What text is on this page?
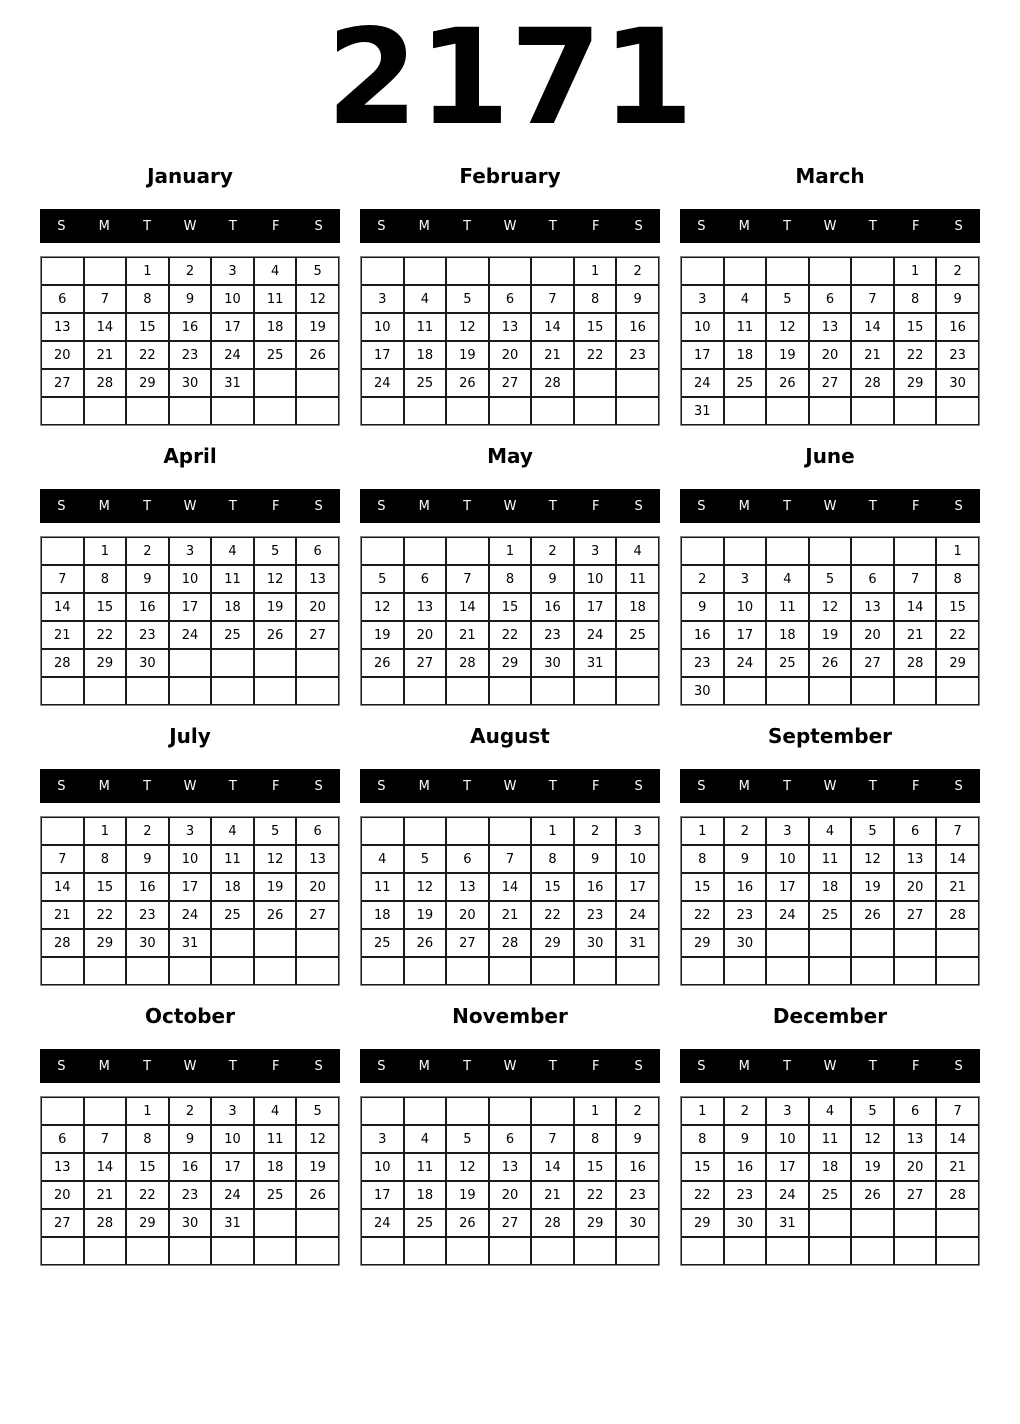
2171
January
S	M	T	W	T	F	S
		1	2	3	4	5
6	7	8	9	10	11	12
13	14	15	16	17	18	19
20	21	22	23	24	25	26
27	28	29	30	31		

February
S	M	T	W	T	F	S
					1	2
3	4	5	6	7	8	9
10	11	12	13	14	15	16
17	18	19	20	21	22	23
24	25	26	27	28		

March
S	M	T	W	T	F	S
					1	2
3	4	5	6	7	8	9
10	11	12	13	14	15	16
17	18	19	20	21	22	23
24	25	26	27	28	29	30
31						
April
S	M	T	W	T	F	S
	1	2	3	4	5	6
7	8	9	10	11	12	13
14	15	16	17	18	19	20
21	22	23	24	25	26	27
28	29	30				

May
S	M	T	W	T	F	S
			1	2	3	4
5	6	7	8	9	10	11
12	13	14	15	16	17	18
19	20	21	22	23	24	25
26	27	28	29	30	31	

June
S	M	T	W	T	F	S
						1
2	3	4	5	6	7	8
9	10	11	12	13	14	15
16	17	18	19	20	21	22
23	24	25	26	27	28	29
30						
July
S	M	T	W	T	F	S
	1	2	3	4	5	6
7	8	9	10	11	12	13
14	15	16	17	18	19	20
21	22	23	24	25	26	27
28	29	30	31			

August
S	M	T	W	T	F	S
				1	2	3
4	5	6	7	8	9	10
11	12	13	14	15	16	17
18	19	20	21	22	23	24
25	26	27	28	29	30	31

September
S	M	T	W	T	F	S
1	2	3	4	5	6	7
8	9	10	11	12	13	14
15	16	17	18	19	20	21
22	23	24	25	26	27	28
29	30					

October
S	M	T	W	T	F	S
		1	2	3	4	5
6	7	8	9	10	11	12
13	14	15	16	17	18	19
20	21	22	23	24	25	26
27	28	29	30	31		

November
S	M	T	W	T	F	S
					1	2
3	4	5	6	7	8	9
10	11	12	13	14	15	16
17	18	19	20	21	22	23
24	25	26	27	28	29	30

December
S	M	T	W	T	F	S
1	2	3	4	5	6	7
8	9	10	11	12	13	14
15	16	17	18	19	20	21
22	23	24	25	26	27	28
29	30	31				
